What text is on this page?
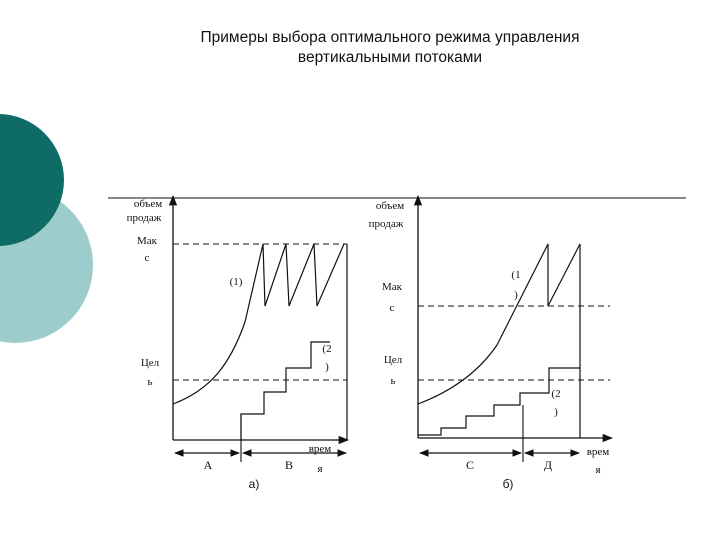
Примеры выбора оптимального режима управления
вертикальными потоками
объем
продаж
Мак
с
Цел
ь
(1)
(2
)
врем
я
А	В
а)
объем
продаж
Мак
с
Цел
ь
(1
)
(2
)
врем
я
С	Д
б)
